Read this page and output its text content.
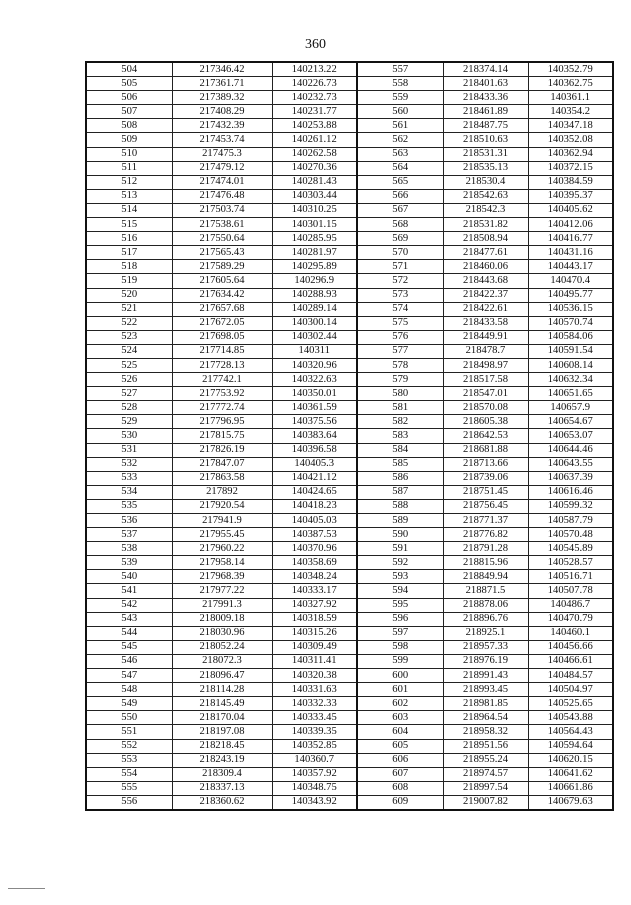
360
504	217346.42	140213.22	557	218374.14	140352.79
505	217361.71	140226.73	558	218401.63	140362.75
506	217389.32	140232.73	559	218433.36	140361.1
507	217408.29	140231.77	560	218461.89	140354.2
508	217432.39	140253.88	561	218487.75	140347.18
509	217453.74	140261.12	562	218510.63	140352.08
510	217475.3	140262.58	563	218531.31	140362.94
511	217479.12	140270.36	564	218535.13	140372.15
512	217474.01	140281.43	565	218530.4	140384.59
513	217476.48	140303.44	566	218542.63	140395.37
514	217503.74	140310.25	567	218542.3	140405.62
515	217538.61	140301.15	568	218531.82	140412.06
516	217550.64	140285.95	569	218508.94	140416.77
517	217565.43	140281.97	570	218477.61	140431.16
518	217589.29	140295.89	571	218460.06	140443.17
519	217605.64	140296.9	572	218443.68	140470.4
520	217634.42	140288.93	573	218422.37	140495.77
521	217657.68	140289.14	574	218422.61	140536.15
522	217672.05	140300.14	575	218433.58	140570.74
523	217698.05	140302.44	576	218449.91	140584.06
524	217714.85	140311	577	218478.7	140591.54
525	217728.13	140320.96	578	218498.97	140608.14
526	217742.1	140322.63	579	218517.58	140632.34
527	217753.92	140350.01	580	218547.01	140651.65
528	217772.74	140361.59	581	218570.08	140657.9
529	217796.95	140375.56	582	218605.38	140654.67
530	217815.75	140383.64	583	218642.53	140653.07
531	217826.19	140396.58	584	218681.88	140644.46
532	217847.07	140405.3	585	218713.66	140643.55
533	217863.58	140421.12	586	218739.06	140637.39
534	217892	140424.65	587	218751.45	140616.46
535	217920.54	140418.23	588	218756.45	140599.32
536	217941.9	140405.03	589	218771.37	140587.79
537	217955.45	140387.53	590	218776.82	140570.48
538	217960.22	140370.96	591	218791.28	140545.89
539	217958.14	140358.69	592	218815.96	140528.57
540	217968.39	140348.24	593	218849.94	140516.71
541	217977.22	140333.17	594	218871.5	140507.78
542	217991.3	140327.92	595	218878.06	140486.7
543	218009.18	140318.59	596	218896.76	140470.79
544	218030.96	140315.26	597	218925.1	140460.1
545	218052.24	140309.49	598	218957.33	140456.66
546	218072.3	140311.41	599	218976.19	140466.61
547	218096.47	140320.38	600	218991.43	140484.57
548	218114.28	140331.63	601	218993.45	140504.97
549	218145.49	140332.33	602	218981.85	140525.65
550	218170.04	140333.45	603	218964.54	140543.88
551	218197.08	140339.35	604	218958.32	140564.43
552	218218.45	140352.85	605	218951.56	140594.64
553	218243.19	140360.7	606	218955.24	140620.15
554	218309.4	140357.92	607	218974.57	140641.62
555	218337.13	140348.75	608	218997.54	140661.86
556	218360.62	140343.92	609	219007.82	140679.63
